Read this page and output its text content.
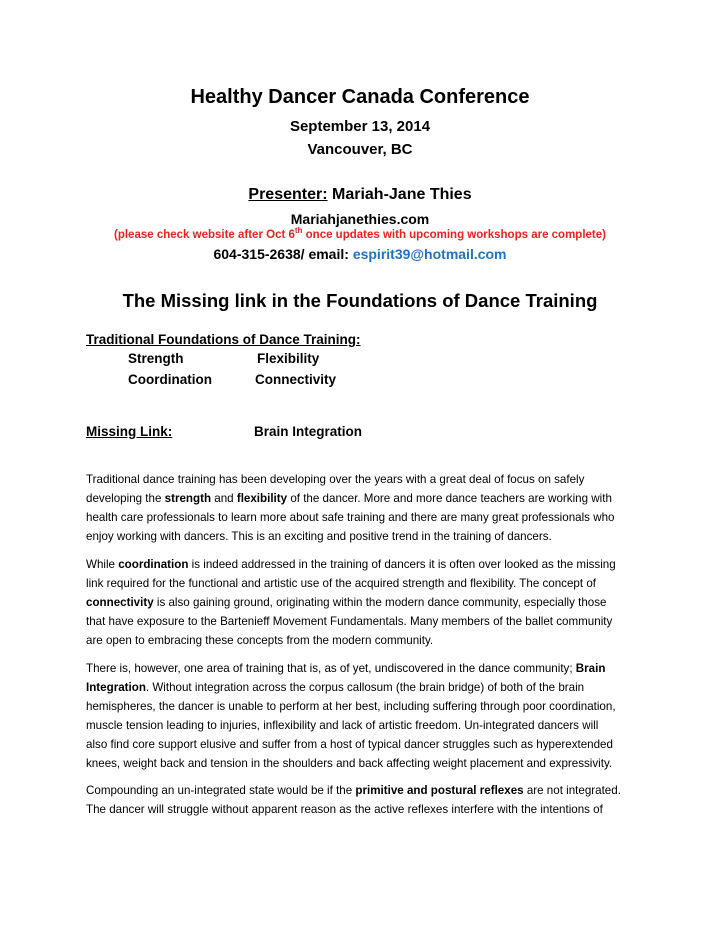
Healthy Dancer Canada Conference
September 13, 2014
Vancouver, BC
Presenter: Mariah-Jane Thies
Mariahjanethies.com
(please check website after Oct 6th once updates with upcoming workshops are complete)
604-315-2638/ email: espirit39@hotmail.com
The Missing link in the Foundations of Dance Training
Traditional Foundations of Dance Training:
Strength	Flexibility
Coordination	Connectivity
Missing Link:	Brain Integration
Traditional dance training has been developing over the years with a great deal of focus on safely
developing the strength and flexibility of the dancer. More and more dance teachers are working with
health care professionals to learn more about safe training and there are many great professionals who
enjoy working with dancers. This is an exciting and positive trend in the training of dancers.
While coordination is indeed addressed in the training of dancers it is often over looked as the missing
link required for the functional and artistic use of the acquired strength and flexibility. The concept of
connectivity is also gaining ground, originating within the modern dance community, especially those
that have exposure to the Bartenieff Movement Fundamentals. Many members of the ballet community
are open to embracing these concepts from the modern community.
There is, however, one area of training that is, as of yet, undiscovered in the dance community; Brain
Integration. Without integration across the corpus callosum (the brain bridge) of both of the brain
hemispheres, the dancer is unable to perform at her best, including suffering through poor coordination,
muscle tension leading to injuries, inflexibility and lack of artistic freedom. Un-integrated dancers will
also find core support elusive and suffer from a host of typical dancer struggles such as hyperextended
knees, weight back and tension in the shoulders and back affecting weight placement and expressivity.
Compounding an un-integrated state would be if the primitive and postural reflexes are not integrated.
The dancer will struggle without apparent reason as the active reflexes interfere with the intentions of
